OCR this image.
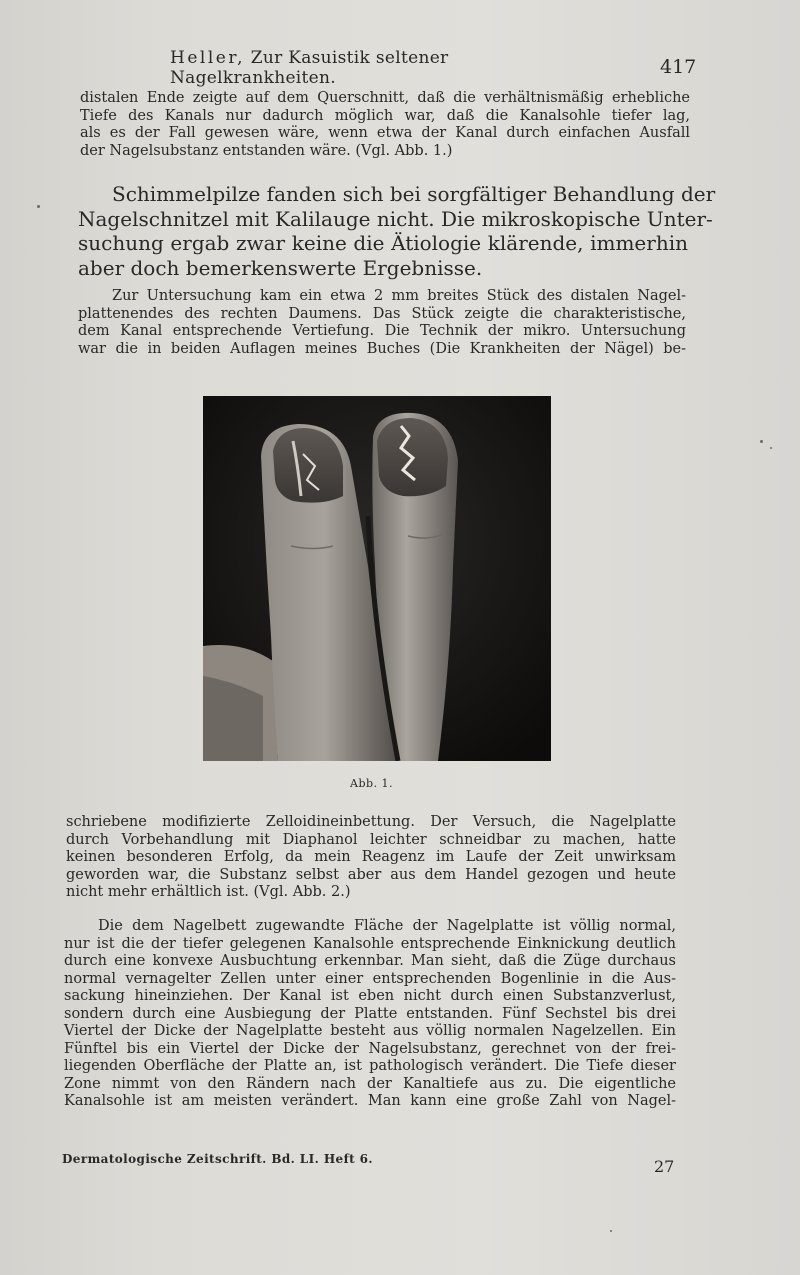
Heller, Zur Kasuistik seltener Nagelkrankheiten.	417
distalen Ende zeigte auf dem Querschnitt, daß die verhältnismäßig erhebliche
Tiefe des Kanals nur dadurch möglich war, daß die Kanalsohle tiefer lag,
als es der Fall gewesen wäre, wenn etwa der Kanal durch einfachen Ausfall
der Nagelsubstanz entstanden wäre. (Vgl. Abb. 1.)
Schimmelpilze fanden sich bei sorgfältiger Behandlung der
Nagelschnitzel mit Kalilauge nicht. Die mikroskopische Unter-
suchung ergab zwar keine die Ätiologie klärende, immerhin
aber doch bemerkenswerte Ergebnisse.
Zur Untersuchung kam ein etwa 2 mm breites Stück des distalen Nagel-
plattenendes des rechten Daumens. Das Stück zeigte die charakteristische,
dem Kanal entsprechende Vertiefung. Die Technik der mikro. Untersuchung
war die in beiden Auflagen meines Buches (Die Krankheiten der Nägel) be-
Abb. 1.
schriebene modifizierte Zelloidineinbettung. Der Versuch, die Nagelplatte
durch Vorbehandlung mit Diaphanol leichter schneidbar zu machen, hatte
keinen besonderen Erfolg, da mein Reagenz im Laufe der Zeit unwirksam
geworden war, die Substanz selbst aber aus dem Handel gezogen und heute
nicht mehr erhältlich ist. (Vgl. Abb. 2.)
Die dem Nagelbett zugewandte Fläche der Nagelplatte ist völlig normal,
nur ist die der tiefer gelegenen Kanalsohle entsprechende Einknickung deutlich
durch eine konvexe Ausbuchtung erkennbar. Man sieht, daß die Züge durchaus
normal vernagelter Zellen unter einer entsprechenden Bogenlinie in die Aus-
sackung hineinziehen. Der Kanal ist eben nicht durch einen Substanzverlust,
sondern durch eine Ausbiegung der Platte entstanden. Fünf Sechstel bis drei
Viertel der Dicke der Nagelplatte besteht aus völlig normalen Nagelzellen. Ein
Fünftel bis ein Viertel der Dicke der Nagelsubstanz, gerechnet von der frei-
liegenden Oberfläche der Platte an, ist pathologisch verändert. Die Tiefe dieser
Zone nimmt von den Rändern nach der Kanaltiefe aus zu. Die eigentliche
Kanalsohle ist am meisten verändert. Man kann eine große Zahl von Nagel-
Dermatologische Zeitschrift. Bd. LI. Heft 6.	27
